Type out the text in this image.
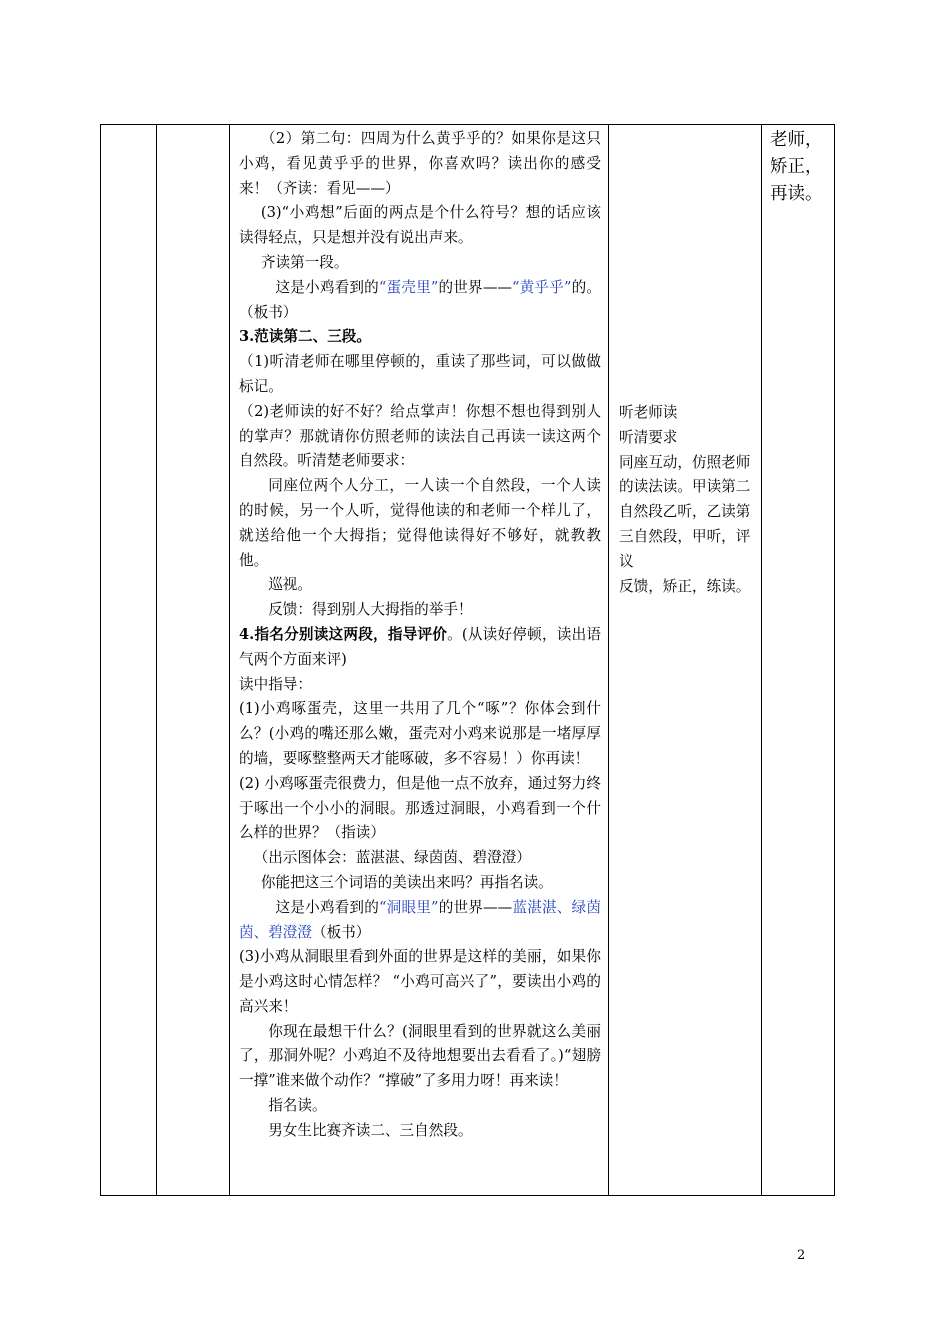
（2）第二句：四周为什么黄乎乎的？如果你是这只小鸡，看见黄乎乎的世界，你喜欢吗？读出你的感受来！（齐读：看见——）
(3)“小鸡想”后面的两点是个什么符号？想的话应该读得轻点，只是想并没有说出声来。
齐读第一段。
这是小鸡看到的“蛋壳里”的世界——“黄乎乎”的。（板书）
3.范读第二、三段。
（1)听清老师在哪里停顿的，重读了那些词，可以做做标记。
（2)老师读的好不好？给点掌声！你想不想也得到别人的掌声？那就请你仿照老师的读法自己再读一读这两个自然段。听清楚老师要求：
同座位两个人分工，一人读一个自然段，一个人读的时候，另一个人听，觉得他读的和老师一个样儿了，就送给他一个大拇指；觉得他读得好不够好，就教教他。
巡视。
反馈：得到别人大拇指的举手！
4.指名分别读这两段，指导评价。(从读好停顿，读出语气两个方面来评)
读中指导：
(1)小鸡啄蛋壳，这里一共用了几个“啄”？你体会到什么？(小鸡的嘴还那么嫩，蛋壳对小鸡来说那是一堵厚厚的墙，要啄整整两天才能啄破，多不容易！）你再读！
(2) 小鸡啄蛋壳很费力，但是他一点不放弃，通过努力终于啄出一个小小的洞眼。那透过洞眼，小鸡看到一个什么样的世界？（指读）
（出示图体会：蓝湛湛、绿茵茵、碧澄澄）
你能把这三个词语的美读出来吗？再指名读。
这是小鸡看到的“洞眼里”的世界——蓝湛湛、绿茵茵、碧澄澄（板书）
(3)小鸡从洞眼里看到外面的世界是这样的美丽，如果你是小鸡这时心情怎样？ “小鸡可高兴了”，要读出小鸡的高兴来！
你现在最想干什么？(洞眼里看到的世界就这么美丽了，那洞外呢？小鸡迫不及待地想要出去看看了。)“翅膀一撑”谁来做个动作？“撑破”了多用力呀！再来读！
指名读。
男女生比赛齐读二、三自然段。

听老师读
听清要求
同座互动，仿照老师的读法读。甲读第二自然段乙听，乙读第三自然段，甲听，评议
反馈，矫正，练读。

老师，矫正，再读。
2
